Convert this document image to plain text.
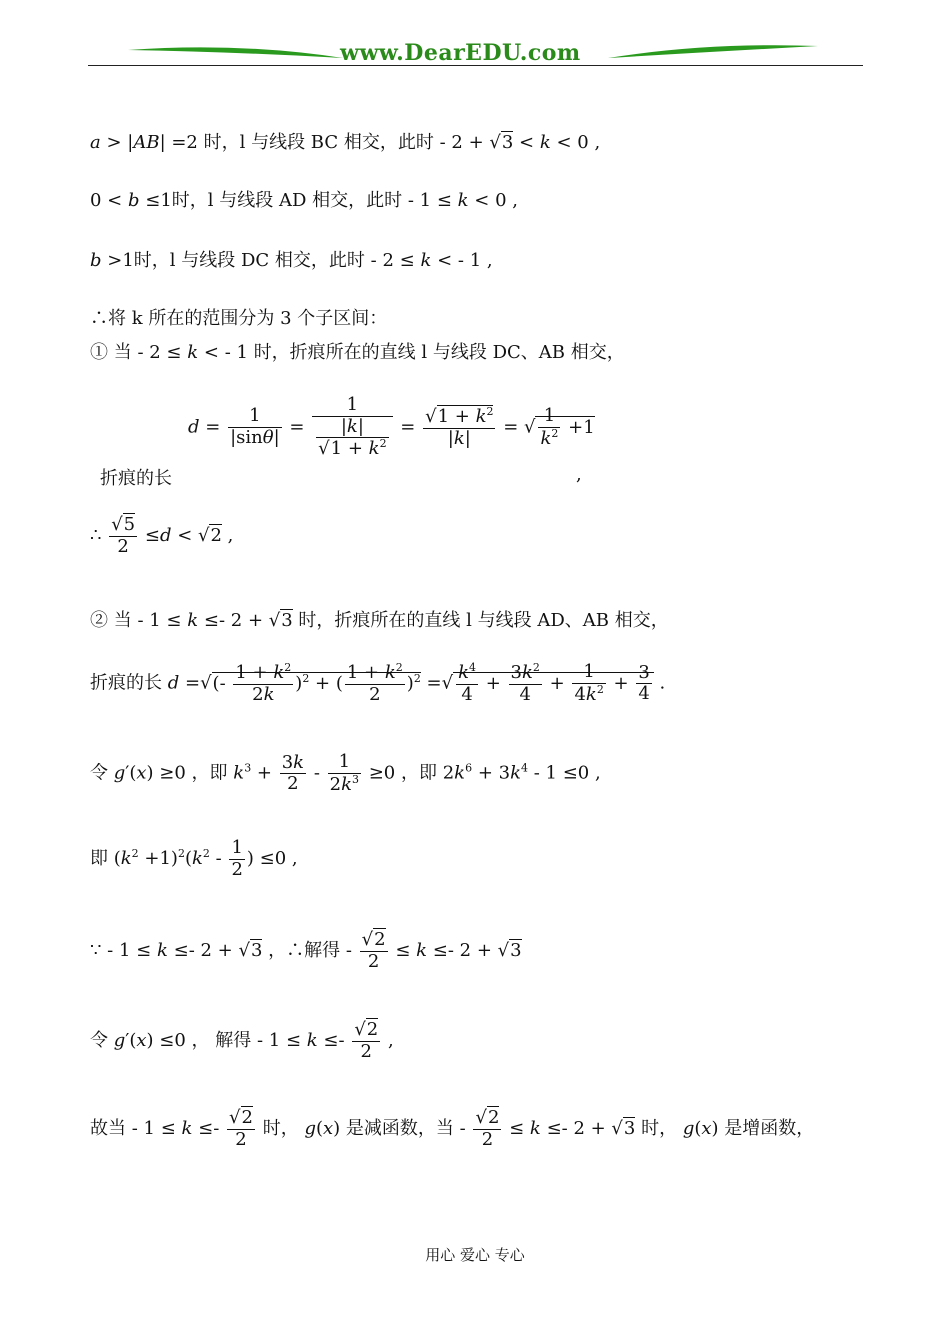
www.DearEDU.com
a > |AB| =2 时，l 与线段 BC 相交，此时 - 2 + √3 < k < 0 ,
0 < b ≤1时，l 与线段 AD 相交，此时 - 1 ≤ k < 0 ,
b >1时，l 与线段 DC 相交，此时 - 2 ≤ k < - 1 ,
∴将 k 所在的范围分为 3 个子区间：
① 当 - 2 ≤ k < - 1 时，折痕所在的直线 l 与线段 DC、AB 相交，
$d = \frac{1}{|\sin\theta|} = \frac{1}{\frac{|k|}{√1 + k^2}} = \frac{√1 + k^2}{|k|}$ = √ $\frac{1}{k^2} +1$
折痕的长	,
∴ $\frac{√5}{2} \le d < √2$ ,
② 当 - 1 ≤ k ≤- 2 + √3 时，折痕所在的直线 l 与线段 AD、AB 相交，
折痕的长 d =√(- $\frac{1 + k^2}{2k} )^2$ + ( $\frac{1 + k^2}{2} )^2$ =√ $\frac{k^4}{4} + \frac{3k^2}{4} + \frac{1}{4k^2} + \frac{3}{4}$ .
令 g′(x) ≥0 ，即 $k^3 + \frac{3k}{2} - \frac{1}{2k^3} \ge 0$ ，即 $2k^6 + 3k^4 - 1 \le 0$ ,
即 $(k^2 +1)^2(k^2 - \frac{1}{2}$ ) ≤0 ,
∵ - 1 ≤ k ≤- 2 + √3 ，∴解得 - $\frac{√2}{2} \le k \le- 2 + √3$
令 g′(x) ≤0 ， 解得 - $1 \le k \le- \frac{√2}{2}$ ,
故当 - $1 \le k \le- \frac{√2}{2}$ 时， g(x) 是减函数，当 - $\frac{√2}{2} \le k \le- 2 + √3$ 时， g(x) 是增函数，
用心 爱心 专心
